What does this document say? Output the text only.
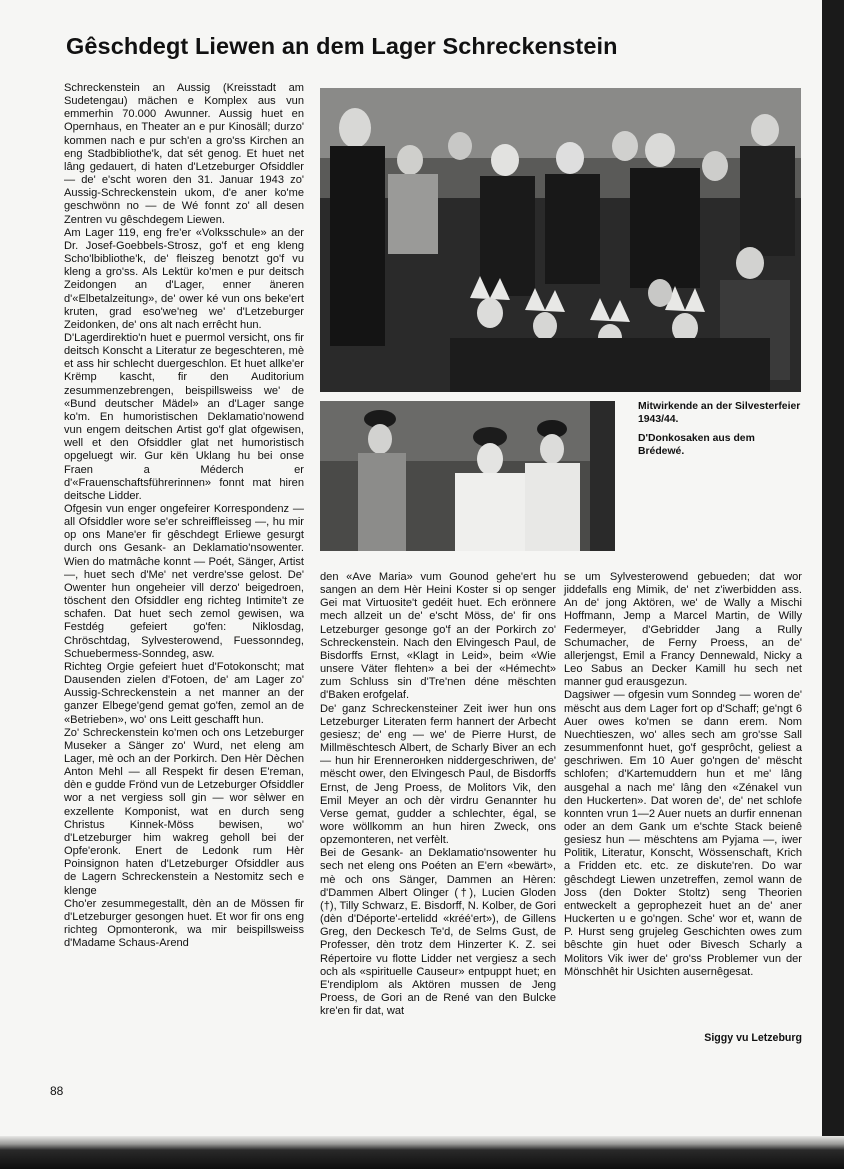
Gêschdegt Liewen an dem Lager Schreckenstein

Schreckenstein an Aussig (Kreisstadt am Sudetengau) mächen e Komplex aus vun emmerhin 70.000 Awunner. Aussig huet en Opernhaus, en Theater an e pur Kinosäll; durzo' kommen nach e pur sch'en a gro'ss Kirchen an eng Stadbibliothe'k, dat sét genog. Et huet net lâng gedauert, di haten d'Letzeburger Ofsiddler — de' e'scht woren den 31. Januar 1943 zo' Aussig-Schreckenstein ukom, d'e aner ko'me geschwönn no — de Wé fonnt zo' all desen Zentren vu gêschdegem Liewen.

Am Lager 119, eng fre'er «Volksschule» an der Dr. Josef-Goebbels-Strosz, go'f et eng kleng Scho'lbibliothe'k, de' fleiszeg benotzt go'f vu kleng a gro'ss. Als Lektür ko'men e pur deitsch Zeidongen an d'Lager, enner äneren d'«Elbetalzeitung», de' ower ké vun ons beke'ert kruten, grad eso'we'neg we' d'Letzeburger Zeidonken, de' ons alt nach errêcht hun.

D'Lagerdirektio'n huet e puermol versicht, ons fir deitsch Konscht a Literatur ze begeschteren, mè et ass hir schlecht duergeschlon. Et huet allke'er Krëmp kascht, fir den Auditorium zesummenzebrengen, beispillsweiss we' de «Bund deutscher Mädel» an d'Lager sange ko'm. En humoristischen Deklamatio'nowend vun engem deitschen Artist go'f glat ofgewisen, well et den Ofsiddler glat net humoristisch opgeluegt wir. Gur kën Uklang hu bei onse Fraen a Méderch er d'«Frauenschaftsführerinnen» fonnt mat hiren deitsche Lidder.

Ofgesin vun enger ongefeirer Korrespondenz — all Ofsiddler wore se'er schreiffleisseg —, hu mir op ons Mane'er fir gêschdegt Erliewe gesurgt durch ons Gesank- an Deklamatio'nsowenter. Wien do matmâche konnt — Poét, Sänger, Artist —, huet sech d'Me' net verdre'sse gelost. De' Owenter hun ongeheier vill derzo' beigedroen, töschent den Ofsiddler eng richteg Intimite't ze schafen. Dat huet sech zemol gewisen, wa Festdég gefeiert go'fen: Niklosdag, Chröschtdag, Sylvesterowend, Fuessonndeg, Schuebermess-Sonndeg, asw.

Richteg Orgie gefeiert huet d'Fotokonscht; mat Dausenden zielen d'Fotoen, de' am Lager zo' Aussig-Schreckenstein a net manner an der ganzer Elbege'gend gemat go'fen, zemol an de «Betrieben», wo' ons Leitt geschafft hun.

Zo' Schreckenstein ko'men och ons Letzeburger Museker a Sänger zo' Wurd, net eleng am Lager, mè och an der Porkirch. Den Hèr Dèchen Anton Mehl — all Respekt fir desen E'reman, dèn e gudde Frönd vun de Letzeburger Ofsiddler wor a net vergiess soll gin — wor sèlwer en exzellente Komponist, wat en durch seng Christus Kinnek-Möss bewisen, wo' d'Letzeburger him wakreg geholl bei der Opfe'eronk. Enert de Ledonk rum Hèr Poinsignon haten d'Letzeburger Ofsiddler aus de Lagern Schreckenstein a Nestomitz sech e klenge

Cho'er zesummegestallt, dèn an de Mössen fir d'Letzeburger gesongen huet. Et wor fir ons eng richteg Opmonteronk, wa mir beispillsweiss d'Madame Schaus-Arend

Mitwirkende an der Silvesterfeier 1943/44.
D'Donkosaken aus dem Brédewé.

den «Ave Maria» vum Gounod gehe'ert hu sangen an dem Hèr Heini Koster si op senger Gei mat Virtuosite't gedéit huet. Ech erönnere mech allzeit un de' e'scht Möss, de' fir ons Letzeburger gesonge go'f an der Porkirch zo' Schreckenstein. Nach den Elvingesch Paul, de Bisdorffs Ernst, «Klagt in Leid», beim «Wie unsere Väter flehten» a bei der «Hémecht» zum Schluss sin d'Tre'nen déne mëschten d'Baken erofgelaf.

De' ganz Schreckensteiner Zeit iwer hun ons Letzeburger Literaten ferm hannert der Arbecht gesiesz; de' eng — we' de Pierre Hurst, de Millmëschtesch Albert, de Scharly Biver an ech — hun hir Erennerонken niddergeschriwen, de' mëscht ower, den Elvingesch Paul, de Bisdorffs Ernst, de Jeng Proess, de Molitors Vik, den Emil Meyer an och dèr virdru Genannter hu Verse gemat, gudder a schlechter, égal, se wore wöllkomm an hun hiren Zweck, ons opzemonteren, net verfèlt.

Bei de Gesank- an Deklamatio'nsowenter hu sech net eleng ons Poéten an E'ern «bewärt», mè och ons Sänger, Dammen an Hèren: d'Dammen Albert Olinger (†), Lucien Gloden (†), Tilly Schwarz, E. Bisdorff, N. Kolber, de Gori (dèn d'Déporte'-ertelidd «kréé'ert»), de Gillens Greg, den Deckesch Te'd, de Selms Gust, de Professer, dèn trotz dem Hinzerter K. Z. sei Répertoire vu flotte Lidder net vergiesz a sech och als «spirituelle Causeur» entpuppt huet; en E'rendiplom als Aktören mussen de Jeng Proess, de Gori an de René van den Bulcke kre'en fir dat, wat

se um Sylvesterowend gebueden; dat wor jiddefalls eng Mimik, de' net z'iwerbidden ass. An de' jong Aktören, we' de Wally a Mischi Hoffmann, Jemp a Marcel Martin, de Willy Federmeyer, d'Gebridder Jang a Rully Schumacher, de Ferny Proess, an de' allerjengst, Emil a Francy Dennewald, Nicky a Leo Sabus an Decker Kamill hu sech net manner gud erausgezun.

Dagsiwer — ofgesin vum Sonndeg — woren de' mëscht aus dem Lager fort op d'Schaff; ge'ngt 6 Auer owes ko'men se dann erem. Nom Nuechtieszen, wo' alles sech am gro'sse Sall zesummenfonnt huet, go'f gesprôcht, geliest a geschriwen. Em 10 Auer go'ngen de' mëscht schlofen; d'Kartemuddern hun et me' lâng ausgehal a nach me' lâng den «Zénakel vun den Huckerten». Dat woren de', de' net schlofe konnten vrun 1—2 Auer nuets an durfir ennenan oder an dem Gank um e'schte Stack beienê gesiesz hun — mëschtens am Pyjama —, iwer Politik, Literatur, Konscht, Wössenschaft, Krich a Fridden etc. etc. ze diskute'ren. Do war gêschdegt Liewen unzetreffen, zemol wann de Joss (den Dokter Stoltz) seng Theorien entweckelt a geprophezeit huet an de' aner Huckerten u e go'ngen. Sche' wor et, wann de P. Hurst seng grujeleg Geschichten owes zum bêschte gin huet oder Bivesch Scharly a Molitors Vik iwer de' gro'ss Problemer vun der Mönschhêt hir Usichten ausernêgesat.

Siggy vu Letzeburg
88
